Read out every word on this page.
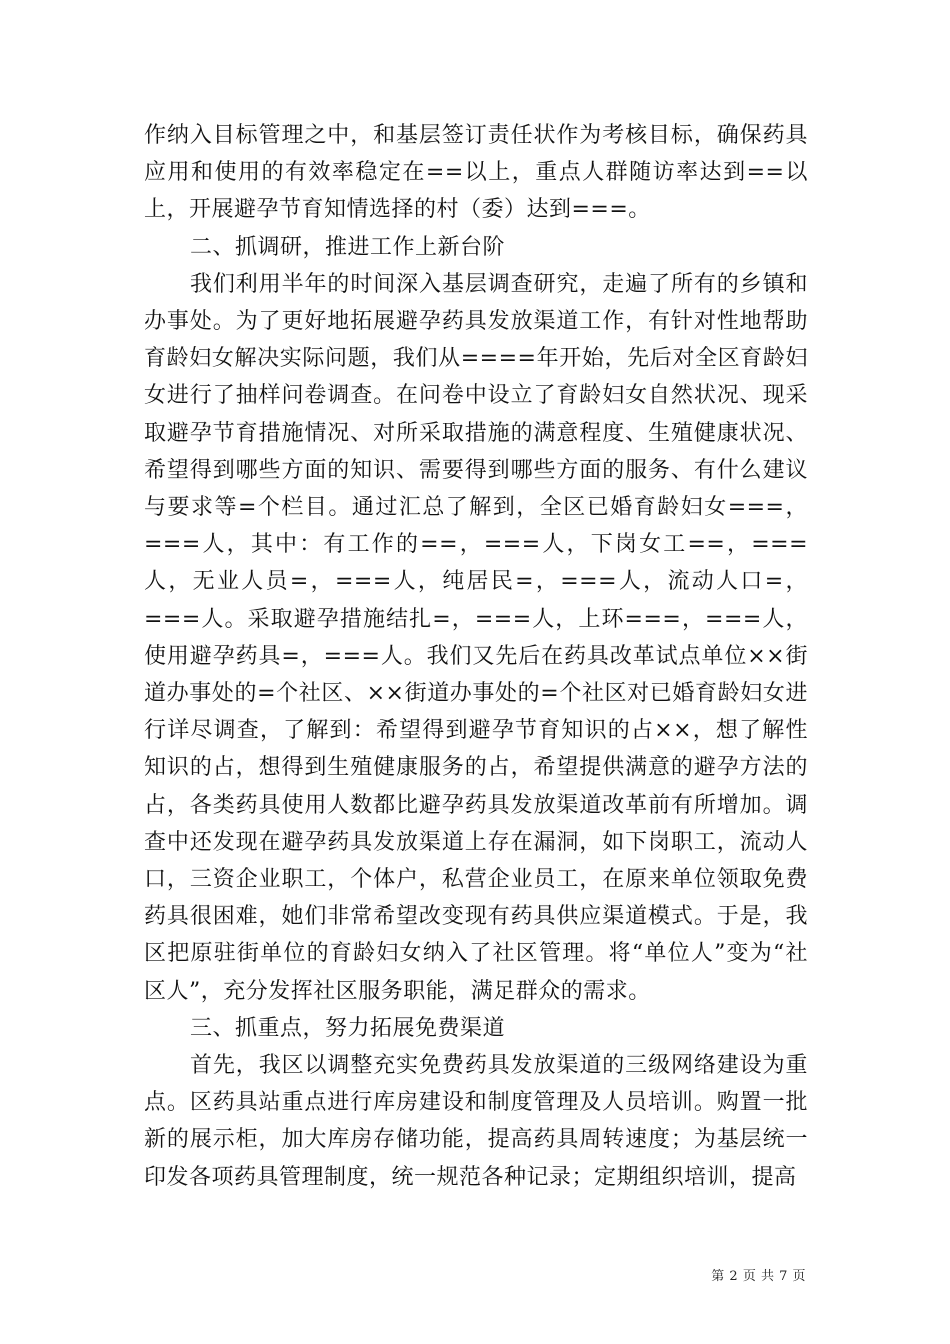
作纳入目标管理之中，和基层签订责任状作为考核目标，确保药具应用和使用的有效率稳定在==以上，重点人群随访率达到==以上，开展避孕节育知情选择的村（委）达到===。

二、抓调研，推进工作上新台阶

我们利用半年的时间深入基层调查研究，走遍了所有的乡镇和办事处。为了更好地拓展避孕药具发放渠道工作，有针对性地帮助育龄妇女解决实际问题，我们从====年开始，先后对全区育龄妇女进行了抽样问卷调查。在问卷中设立了育龄妇女自然状况、现采取避孕节育措施情况、对所采取措施的满意程度、生殖健康状况、希望得到哪些方面的知识、需要得到哪些方面的服务、有什么建议与要求等=个栏目。通过汇总了解到，全区已婚育龄妇女===，===人，其中：有工作的==，===人，下岗女工==，===人，无业人员=，===人，纯居民=，===人，流动人口=，===人。采取避孕措施结扎=，===人，上环===，===人，使用避孕药具=，===人。我们又先后在药具改革试点单位××街道办事处的=个社区、××街道办事处的=个社区对已婚育龄妇女进行详尽调查，了解到：希望得到避孕节育知识的占××，想了解性知识的占，想得到生殖健康服务的占，希望提供满意的避孕方法的占，各类药具使用人数都比避孕药具发放渠道改革前有所增加。调查中还发现在避孕药具发放渠道上存在漏洞，如下岗职工，流动人口，三资企业职工，个体户，私营企业员工，在原来单位领取免费药具很困难，她们非常希望改变现有药具供应渠道模式。于是，我区把原驻街单位的育龄妇女纳入了社区管理。将“单位人”变为“社区人”，充分发挥社区服务职能，满足群众的需求。

三、抓重点，努力拓展免费渠道

首先，我区以调整充实免费药具发放渠道的三级网络建设为重点。区药具站重点进行库房建设和制度管理及人员培训。购置一批新的展示柜，加大库房存储功能，提高药具周转速度；为基层统一印发各项药具管理制度，统一规范各种记录；定期组织培训，提高

第 2 页 共 7 页
